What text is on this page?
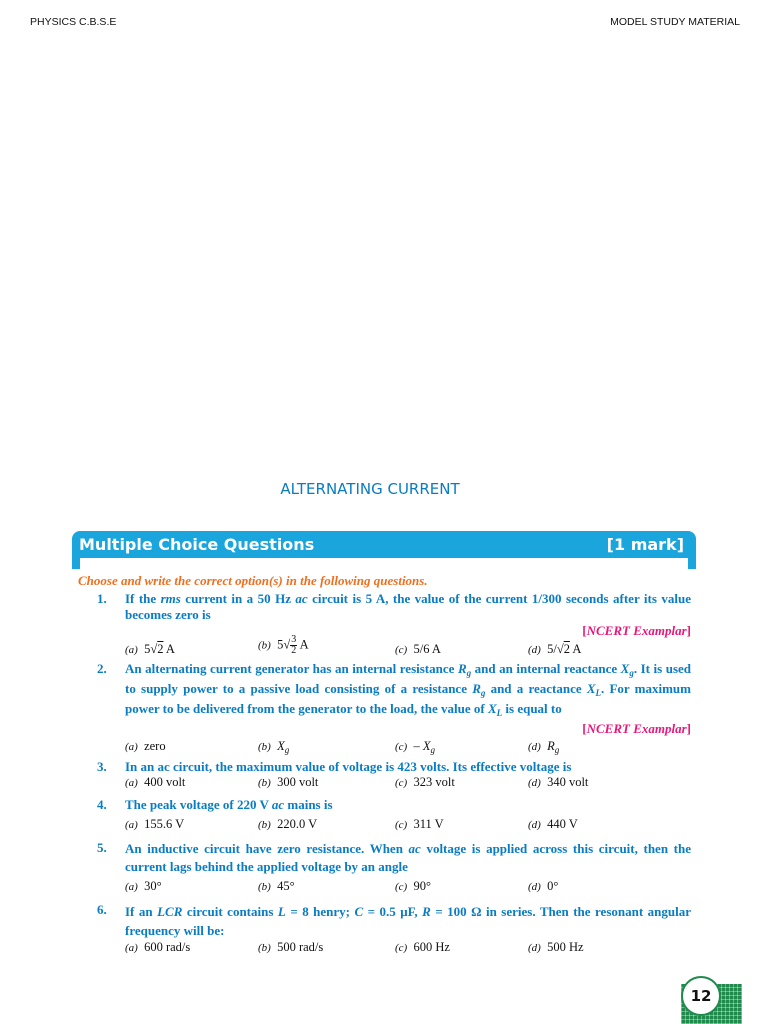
PHYSICS C.B.S.E	MODEL STUDY MATERIAL
ALTERNATING CURRENT
Multiple Choice Questions	[1 mark]
Choose and write the correct option(s) in the following questions.
1.	If the rms current in a 50 Hz ac circuit is 5 A, the value of the current 1/300 seconds after its value becomes zero is
[NCERT Examplar]
(a) 5√2 A	(b) $5√ \frac{3}{2}$ A	(c) 5/6 A	(d) 5/√2 A
2.	An alternating current generator has an internal resistance $R_g$ and an internal reactance $X_g$. It is used to supply power to a passive load consisting of a resistance $R_g$ and a reactance $X_L$. For maximum power to be delivered from the generator to the load, the value of $X_L$ is equal to
[NCERT Examplar]
(a) zero	(b) $X_g$	$(c) - X_g$	(d) $R_g$
3.	In an ac circuit, the maximum value of voltage is 423 volts. Its effective voltage is
(a) 400 volt	(b) 300 volt	(c) 323 volt	(d) 340 volt
4.	The peak voltage of 220 V ac mains is
(a) 155.6 V	(b) 220.0 V	(c) 311 V	(d) 440 V
5.	An inductive circuit have zero resistance. When ac voltage is applied across this circuit, then the current lags behind the applied voltage by an angle
(a) 30°	(b) 45°	(c) 90°	(d) 0°
6.	If an LCR circuit contains L = 8 henry; C = 0.5 μF, R = 100 Ω in series. Then the resonant angular frequency will be:
(a) 600 rad/s	(b) 500 rad/s	(c) 600 Hz	(d) 500 Hz
12
